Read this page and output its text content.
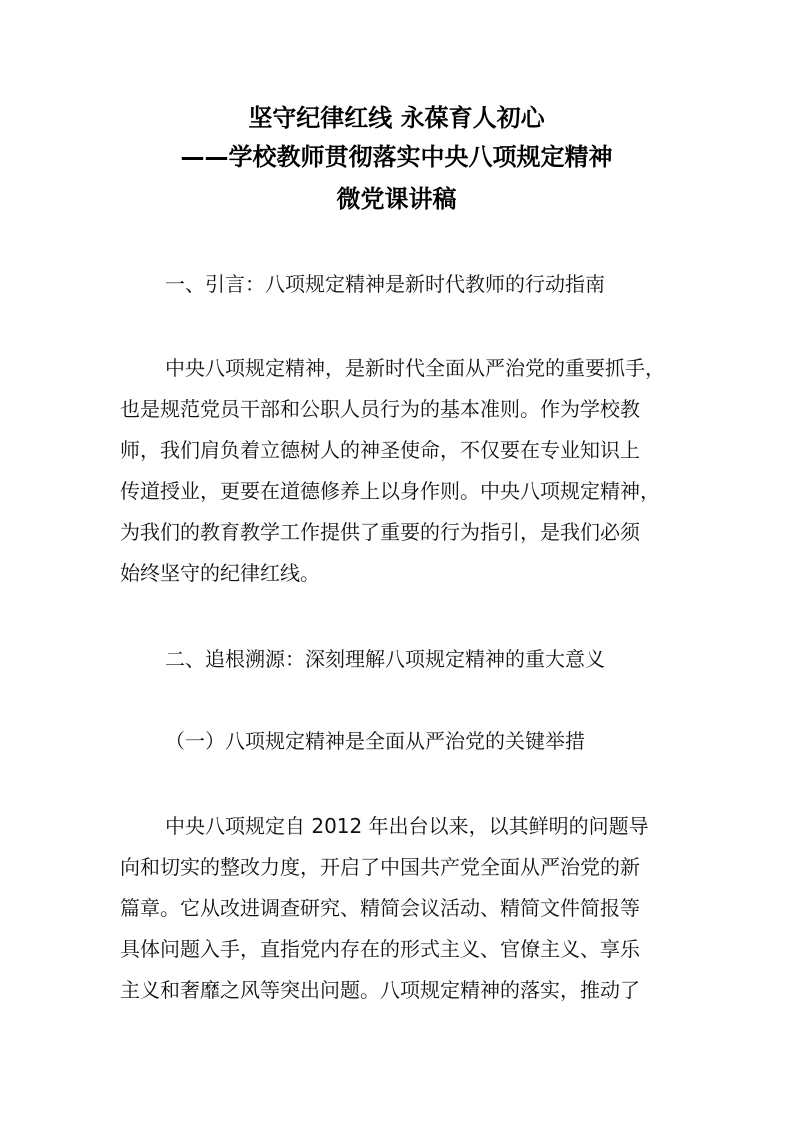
坚守纪律红线 永葆育人初心
——学校教师贯彻落实中央八项规定精神
微党课讲稿
一、引言：八项规定精神是新时代教师的行动指南
中央八项规定精神，是新时代全面从严治党的重要抓手，
也是规范党员干部和公职人员行为的基本准则。作为学校教
师，我们肩负着立德树人的神圣使命，不仅要在专业知识上
传道授业，更要在道德修养上以身作则。中央八项规定精神，
为我们的教育教学工作提供了重要的行为指引，是我们必须
始终坚守的纪律红线。
二、追根溯源：深刻理解八项规定精神的重大意义
（一）八项规定精神是全面从严治党的关键举措
中央八项规定自 2012 年出台以来，以其鲜明的问题导
向和切实的整改力度，开启了中国共产党全面从严治党的新
篇章。它从改进调查研究、精简会议活动、精简文件简报等
具体问题入手，直指党内存在的形式主义、官僚主义、享乐
主义和奢靡之风等突出问题。八项规定精神的落实，推动了
